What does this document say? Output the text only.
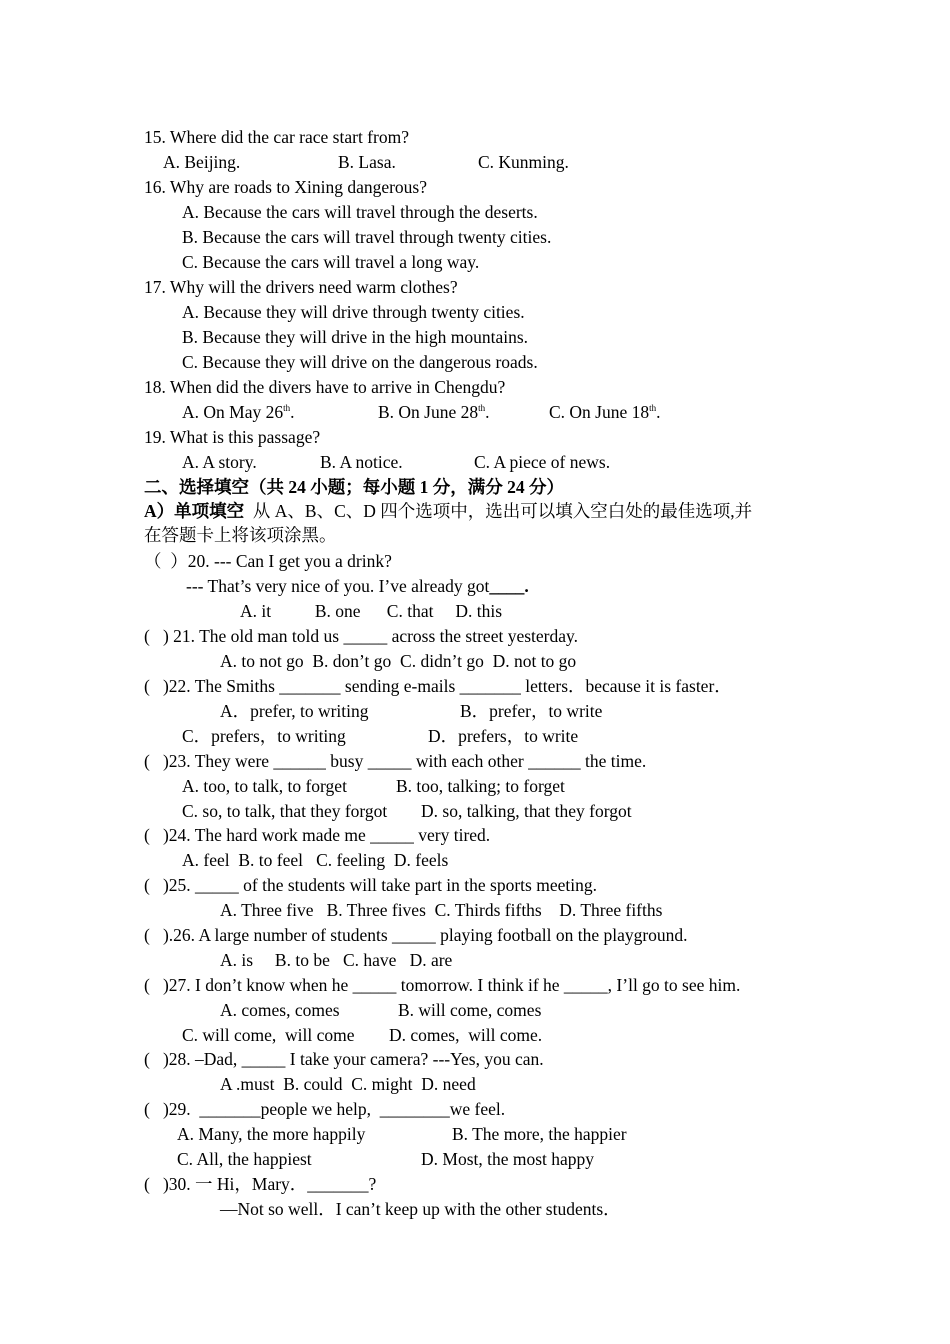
15. Where did the car race start from?
A. Beijing.	B. Lasa.	C. Kunming.
16. Why are roads to Xining dangerous?
A. Because the cars will travel through the deserts.
B. Because the cars will travel through twenty cities.
C. Because the cars will travel a long way.
17. Why will the drivers need warm clothes?
A. Because they will drive through twenty cities.
B. Because they will drive in the high mountains.
C. Because they will drive on the dangerous roads.
18. When did the divers have to arrive in Chengdu?
A. On May 26th.	B. On June 28th.	C. On June 18th.
19. What is this passage?
A. A story.	B. A notice.	C. A piece of news.
二、选择填空（共 24 小题；每小题 1 分，满分 24 分）
A）单项填空 从 A、B、C、D 四个选项中，选出可以填入空白处的最佳选项,并
在答题卡上将该项涂黑。
（  ）20. --- Can I get you a drink?
--- That’s very nice of you. I’ve already got____.
A. it          B. one      C. that     D. this
(   ) 21. The old man told us _____ across the street yesterday.
A. to not go  B. don’t go  C. didn’t go  D. not to go
(   )22. The Smiths _______ sending e-mails _______ letters．because it is faster．
A．prefer, to writing	B．prefer，to write
C．prefers，to writing	D．prefers，to write
(   )23. They were ______ busy _____ with each other ______ the time.
A. too, to talk, to forget	B. too, talking; to forget
C. so, to talk, that they forgot D. so, talking, that they forgot
(   )24. The hard work made me _____ very tired.
A. feel  B. to feel   C. feeling  D. feels
(   )25. _____ of the students will take part in the sports meeting.
A. Three five   B. Three fives  C. Thirds fifths    D. Three fifths
(   ).26. A large number of students _____ playing football on the playground.
A. is     B. to be   C. have   D. are
(   )27. I don’t know when he _____ tomorrow. I think if he _____, I’ll go to see him.
A. comes, comes	B. will come, comes
C. will come,  will come D. comes,  will come.
(   )28. –Dad, _____ I take your camera? ---Yes, you can.
A .must  B. could  C. might  D. need
(   )29.  _______people we help,  ________we feel.
A. Many, the more happily	B. The more, the happier
C. All, the happiest	D. Most, the most happy
(   )30. 一 Hi，Mary．_______?
—Not so well．I can’t keep up with the other students．
